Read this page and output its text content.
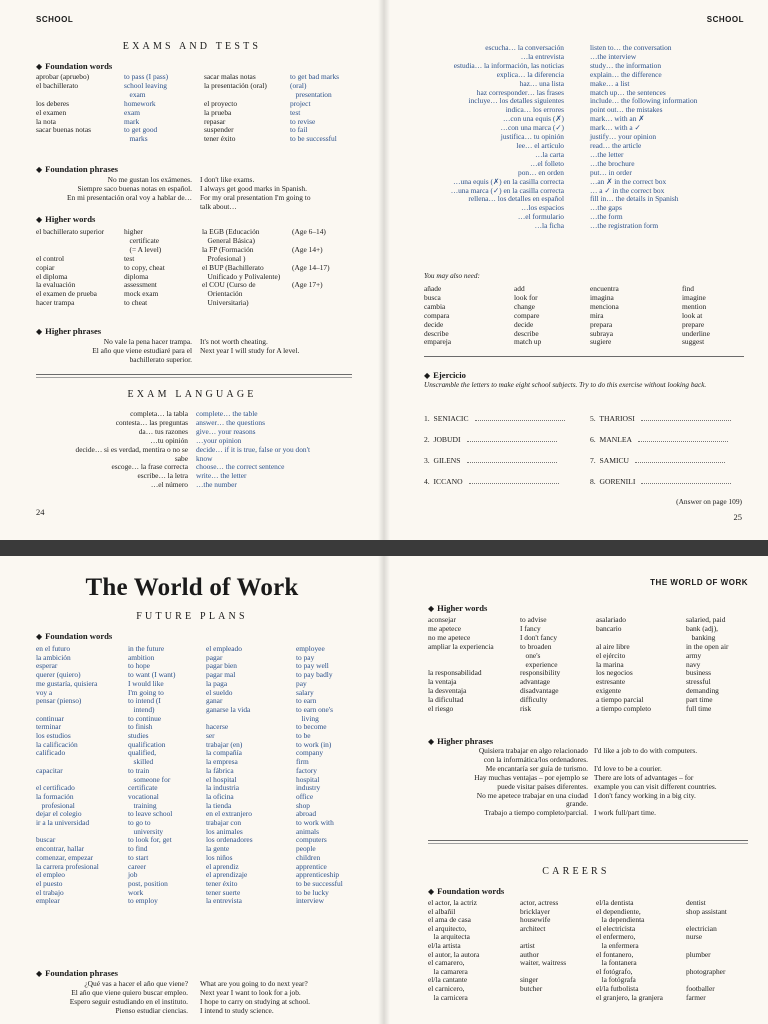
SCHOOL
EXAMS AND TESTS
◆ Foundation words
aprobar (apruebo)
el bachillerato

los deberes
el examen
la nota
sacar buenas notas
to pass (I pass)
school leaving
exam
homework
exam
mark
to get good
marks
sacar malas notas
la presentación (oral)

el proyecto
la prueba
repasar
suspender
tener éxito
to get bad marks
(oral)
presentation
project
test
to revise
to fail
to be successful
◆ Foundation phrases
No me gustan los exámenes.
Siempre saco buenas notas en español.
En mi presentación oral voy a hablar de…
I don't like exams.
I always get good marks in Spanish.
For my oral presentation I'm going to
talk about…
◆ Higher words
el bachillerato superior

el control
copiar
el diploma
la evaluación
el examen de prueba
hacer trampa
higher
certificate
(= A level)
test
to copy, cheat
diploma
assessment
mock exam
to cheat
la EGB (Educación
General Básica)
la FP (Formación
Profesional )
el BUP (Bachillerato
Unificado y Polivalente)
el COU (Curso de
Orientación
Universitaria)
(Age 6–14)

(Age 14+)

(Age 14–17)

(Age 17+)
◆ Higher phrases
No vale la pena hacer trampa.
El año que viene estudiaré para el
bachillerato superior.
It's not worth cheating.
Next year I will study for A level.
EXAM LANGUAGE
completa… la tabla
contesta… las preguntas
da… tus razones
…tu opinión
decide… si es verdad, mentira o no se
sabe
escoge… la frase correcta
escribe… la letra
…el número
complete… the table
answer… the questions
give… your reasons
…your opinion
decide… if it is true, false or you don't
know
choose… the correct sentence
write… the letter
…the number
24
SCHOOL
escucha… la conversación
…la entrevista
estudia… la información, las noticias
explica… la diferencia
haz… una lista
haz corresponder… las frases
incluye… los detalles siguientes
indica… los errores
…con una equis (✗)
…con una marca (✓)
justifica… tu opinión
lee… el artículo
…la carta
…el folleto
pon… en orden
…una equis (✗) en la casilla correcta
…una marca (✓) en la casilla correcta
rellena… los detalles en español
…los espacios
…el formulario
…la ficha
listen to… the conversation
…the interview
study… the information
explain… the difference
make… a list
match up… the sentences
include… the following information
point out… the mistakes
mark… with an ✗
mark… with a ✓
justify… your opinion
read… the article
…the letter
…the brochure
put… in order
…an ✗ in the correct box
… a ✓ in the correct box
fill in… the details in Spanish
…the gaps
…the form
…the registration form
You may also need:
añade
busca
cambia
compara
decide
describe
empareja
add
look for
change
compare
decide
describe
match up
encuentra
imagina
menciona
mira
prepara
subraya
sugiere
find
imagine
mention
look at
prepare
underline
suggest
◆ Ejercicio
Unscramble the letters to make eight school subjects. Try to do this exercise without looking back.
1.  SENIACIC
2.  JOBUDI
3.  GILENS
4.  ICCANO
5.  THARIOSI
6.  MANLEA
7.  SAMICU
8.  GORENILI
(Answer on page 109)
25
The World of Work
FUTURE PLANS
◆ Foundation words
en el futuro
la ambición
esperar
querer (quiero)
me gustaría, quisiera
voy a
pensar (pienso)

continuar
terminar
los estudios
la calificación
calificado

capacitar

el certificado
la formación
profesional
dejar el colegio
ir a la universidad

buscar
encontrar, hallar
comenzar, empezar
la carrera profesional
el empleo
el puesto
el trabajo
emplear
in the future
ambition
to hope
to want (I want)
I would like
I'm going to
to intend (I
intend)
to continue
to finish
studies
qualification
qualified,
skilled
to train
someone for
certificate
vocational
training
to leave school
to go to
university
to look for, get
to find
to start
career
job
post, position
work
to employ
el empleado
pagar
pagar bien
pagar mal
la paga
el sueldo
ganar
ganarse la vida

hacerse
ser
trabajar (en)
la compañía
la empresa
la fábrica
el hospital
la industria
la oficina
la tienda
en el extranjero
trabajar con
los animales
los ordenadores
la gente
los niños
el aprendiz
el aprendizaje
tener éxito
tener suerte
la entrevista
employee
to pay
to pay well
to pay badly
pay
salary
to earn
to earn one's
living
to become
to be
to work (in)
company
firm
factory
hospital
industry
office
shop
abroad
to work with
animals
computers
people
children
apprentice
apprenticeship
to be successful
to be lucky
interview
◆ Foundation phrases
¿Qué vas a hacer el año que viene?
El año que viene quiero buscar empleo.
Espero seguir estudiando en el instituto.
Pienso estudiar ciencias.
What are you going to do next year?
Next year I want to look for a job.
I hope to carry on studying at school.
I intend to study science.
THE WORLD OF WORK
◆ Higher words
aconsejar
me apetece
no me apetece
ampliar la experiencia

la responsabilidad
la ventaja
la desventaja
la dificultad
el riesgo
to advise
I fancy
I don't fancy
to broaden
one's
experience
responsibility
advantage
disadvantage
difficulty
risk
asalariado
bancario

al aire libre
el ejército
la marina
los negocios
estresante
exigente
a tiempo parcial
a tiempo completo
salaried, paid
bank (adj),
banking
in the open air
army
navy
business
stressful
demanding
part time
full time
◆ Higher phrases
Quisiera trabajar en algo relacionado
con la informática/los ordenadores.
Me encantaría ser guía de turismo.
Hay muchas ventajas – por ejemplo se
puede visitar países diferentes.
No me apetece trabajar en una ciudad
grande.
Trabajo a tiempo completo/parcial.
I'd like a job to do with computers.

I'd love to be a courier.
There are lots of advantages – for
example you can visit different countries.
I don't fancy working in a big city.

I work full/part time.
CAREERS
◆ Foundation words
el actor, la actriz
el albañil
el ama de casa
el arquitecto,
la arquitecta
el/la artista
el autor, la autora
el camarero,
la camarera
el/la cantante
el carnicero,
la carnicera
actor, actress
bricklayer
housewife
architect

artist
author
waiter, waitress

singer
butcher
el/la dentista
el dependiente,
la dependienta
el electricista
el enfermero,
la enfermera
el fontanero,
la fontanera
el fotógrafo,
la fotógrafa
el/la futbolista
el granjero, la granjera
dentist
shop assistant

electrician
nurse

plumber

photographer

footballer
farmer
